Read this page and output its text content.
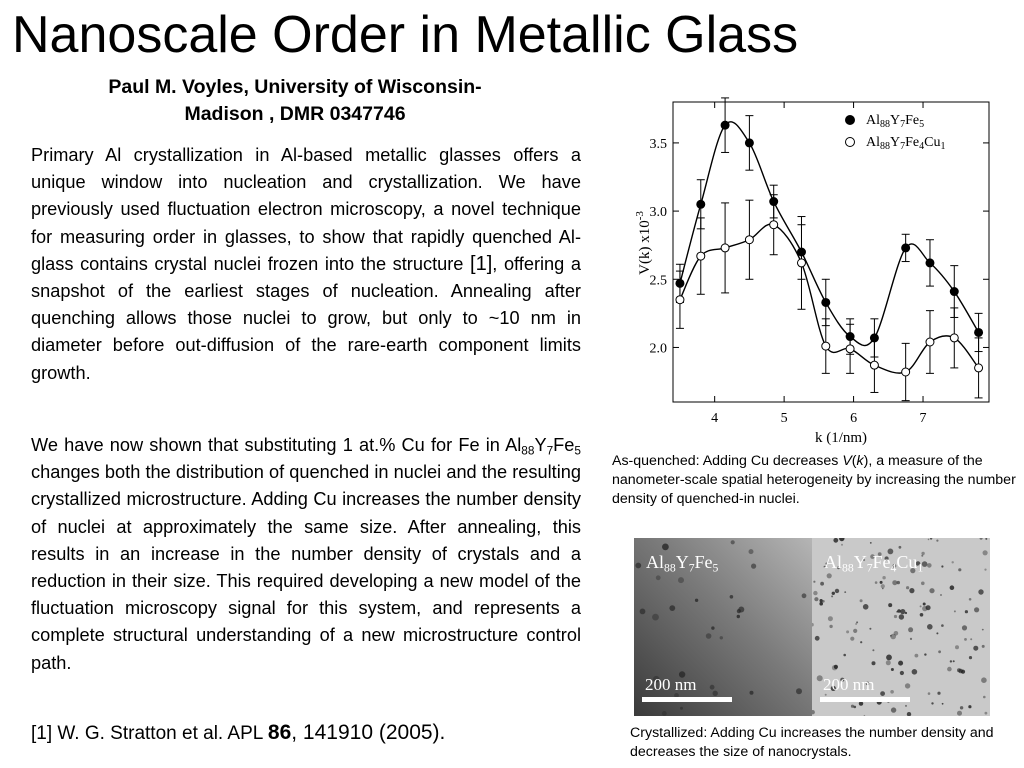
Nanoscale Order in Metallic Glass
Paul M. Voyles, University of Wisconsin-
Madison , DMR 0347746
Primary Al crystallization in Al-based metallic glasses offers a unique window into nucleation and crystallization. We have previously used fluctuation electron microscopy, a novel technique for measuring order in glasses, to show that rapidly quenched Al-glass contains crystal nuclei frozen into the structure [1], offering a snapshot of the earliest stages of nucleation. Annealing after quenching allows those nuclei to grow, but only to ~10 nm in diameter before out-diffusion of the rare-earth component limits growth.
We have now shown that substituting 1 at.% Cu for Fe in $Al_{88}Y_7Fe_5$ changes both the distribution of quenched in nuclei and the resulting crystallized microstructure. Adding Cu increases the number density of nuclei at approximately the same size. After annealing, this results in an increase in the number density of crystals and a reduction in their size. This required developing a new model of the fluctuation microscopy signal for this system, and represents a complete structural understanding of a new microstructure control path.
[1] W. G. Stratton et al. APL 86, 141910 (2005).
4	5	6	7
2.0
2.5
3.0
3.5
k (1/nm)
V(k) $x10^{-3}$
$Al_{88}Y_7Fe_5$
$Al_{88}Y_7Fe_4Cu_1$
As-quenched: Adding Cu decreases V(k), a measure of the nanometer-scale spatial heterogeneity by increasing the number density of quenched-in nuclei.
$Al_{88}Y_7Fe_5$
200 nm
$Al_{88}Y_7Fe_4Cu_1$
200 nm
Crystallized: Adding Cu increases the number density and decreases the size of nanocrystals.
